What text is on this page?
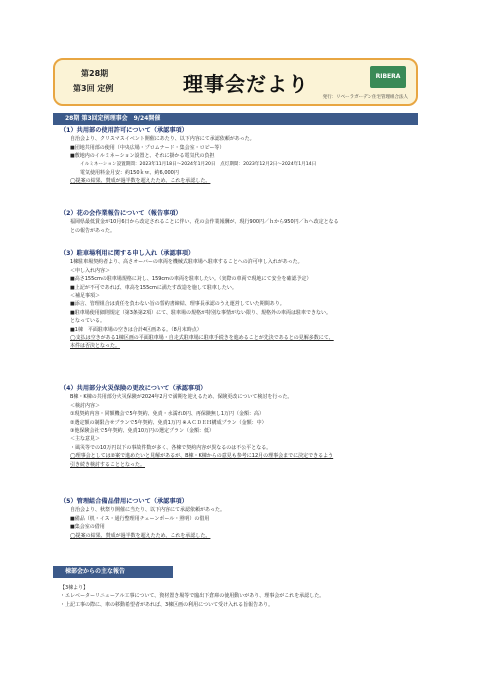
第28期
第3回 定例	理事会だより	RIBERA
発行：リベーラガーデン住宅管理組合法人
28期 第3回定例理事会　9/24開催
（1）共用部の使用許可について（承認事項）

自治会より、クリスマスイベント開催にあたり、以下内容にて承認依頼があった。

■団地共用部の使用（中央広場・プロムナード・集会室・ロビー等）

■敷地内のイルミネーション設置と、それに掛かる電気代の負担

イルミネーション設置期間：2023年11月18日〜2024年1月20日　点灯期間：2023年12月2日〜2024年1月14日

電気使用料金月安：約150ｋｗ、約6,000円

◯提案の結果、賛成が過半数を超えたため、これを承認した。

（2）花の会作業報告について（報告事項）

福岡県最低賃金が10月6日から改定されることに伴い、花の会作業報酬が、現行900円／ｈから950円／ｈへ改定となる

との報告があった。

（3）駐車場利用に関する申し入れ（承認事項）

1棟駐車場契約者より、高さオーバーの車両を機械式駐車場へ駐車することへの許可申し入れがあった。

＜申し入れ内容＞

■高さ155cmの駐車場規格に対し、159cmの車両を駐車したい。（実際の車両で現地にて安全を確認予定）

■上記が不可であれば、車高を155cmに満たす改造を施して駐車したい。

＜補足事項＞

■添言、管理組合は責任を負わない旨の誓約書締結、理事長承認のうえ運営していた期間あり。

■駐車場使用細則規定（第3条第2項）にて、駐車場の規格が特別な事情がない限り、規格外の車両は駐車できない。

となっている。

■1棟　平面駐車場の空きは合計4区画ある。（8月末時点）

◯支払は空きがある1棟区画の平面駐車場・自走式駐車場に駐車手続きを進めることが先決であるとの見解多数にて、

本件は否決となった。

（4）共用部分火災保険の更改について（承認事項）

B棟・K棟の共用部分火災保険が2024年2月で満期を迎えるため、保険更改について検討を行った。

＜検討内容＞

①現契約内容・同額機会で5年契約、免責・水濡れ0円、再保険無し1万円（金額：高）

②選定額の制限合せプランで5年契約、免責1万円 ※ＡＣＤＥＨ構成プラン（金額：中）

③他保険会社で5年契約、免責10万円の選定プラン（金額：低）

＜主な意見＞

・風災等での10万円以下の事故件数が多く、各棟で契約内容が異なるのは不公平となる。

◯理事会としては②案で進めたいと見解があるが、B棟・K棟からの意見も参考に12月の理事会までに決定できるよう

引き続き検討することとなった。

（5）管理組合備品借用について（承認事項）

自治会より、秋祭り開催に当たり、以下内容にて承認依頼があった。

■備品（机・イス・通行整理用チェーンポール・照明）の借用

■集会室の借用

◯提案の結果、賛成が過半数を超えたため、これを承認した。

棟部会からの主な報告

【3棟より】

・エレベーターリニューアル工事について、資材置き場等で臨出下倉庫の使用動いがあり、理事会がこれを承認した。

・上記工事の際に、車の移動希望者があれば、3棟区画の利用について受け入れる旨報告あり。
